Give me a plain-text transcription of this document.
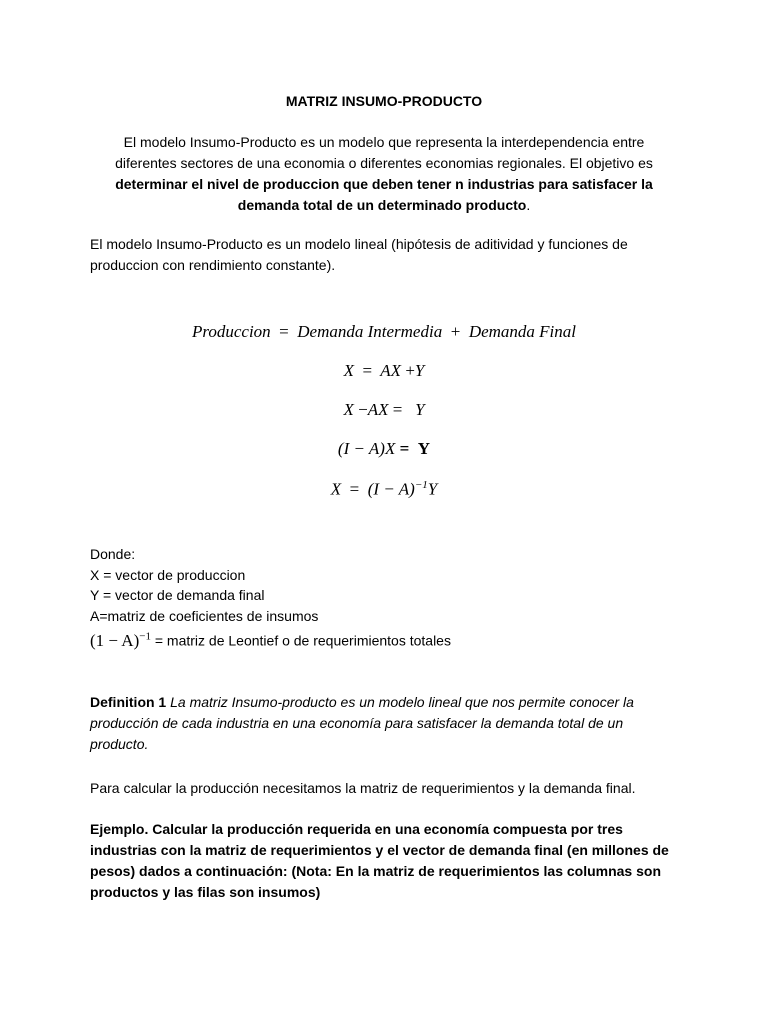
MATRIZ INSUMO-PRODUCTO
El modelo Insumo-Producto es un modelo que representa la interdependencia entre diferentes sectores de una economia o diferentes economias regionales. El objetivo es determinar el nivel de produccion que deben tener n industrias para satisfacer la demanda total de un determinado producto.
El modelo Insumo-Producto es un modelo lineal (hipótesis de aditividad y funciones de produccion con rendimiento constante).
Produccion = Demanda Intermedia + Demanda Final
X = AX +Y
X −AX = Y
(I − A)X = Y
$X = (I - A)^{-1}Y$
Donde:
X = vector de produccion
Y = vector de demanda final
A=matriz de coeficientes de insumos
$(1 - A)^{-1}$ = matriz de Leontief o de requerimientos totales
Definition 1 La matriz Insumo-producto es un modelo lineal que nos permite conocer la producción de cada industria en una economía para satisfacer la demanda total de un producto.
Para calcular la producción necesitamos la matriz de requerimientos y la demanda final.
Ejemplo. Calcular la producción requerida en una economía compuesta por tres industrias con la matriz de requerimientos y el vector de demanda final (en millones de pesos) dados a continuación: (Nota: En la matriz de requerimientos las columnas son productos y las filas son insumos)
